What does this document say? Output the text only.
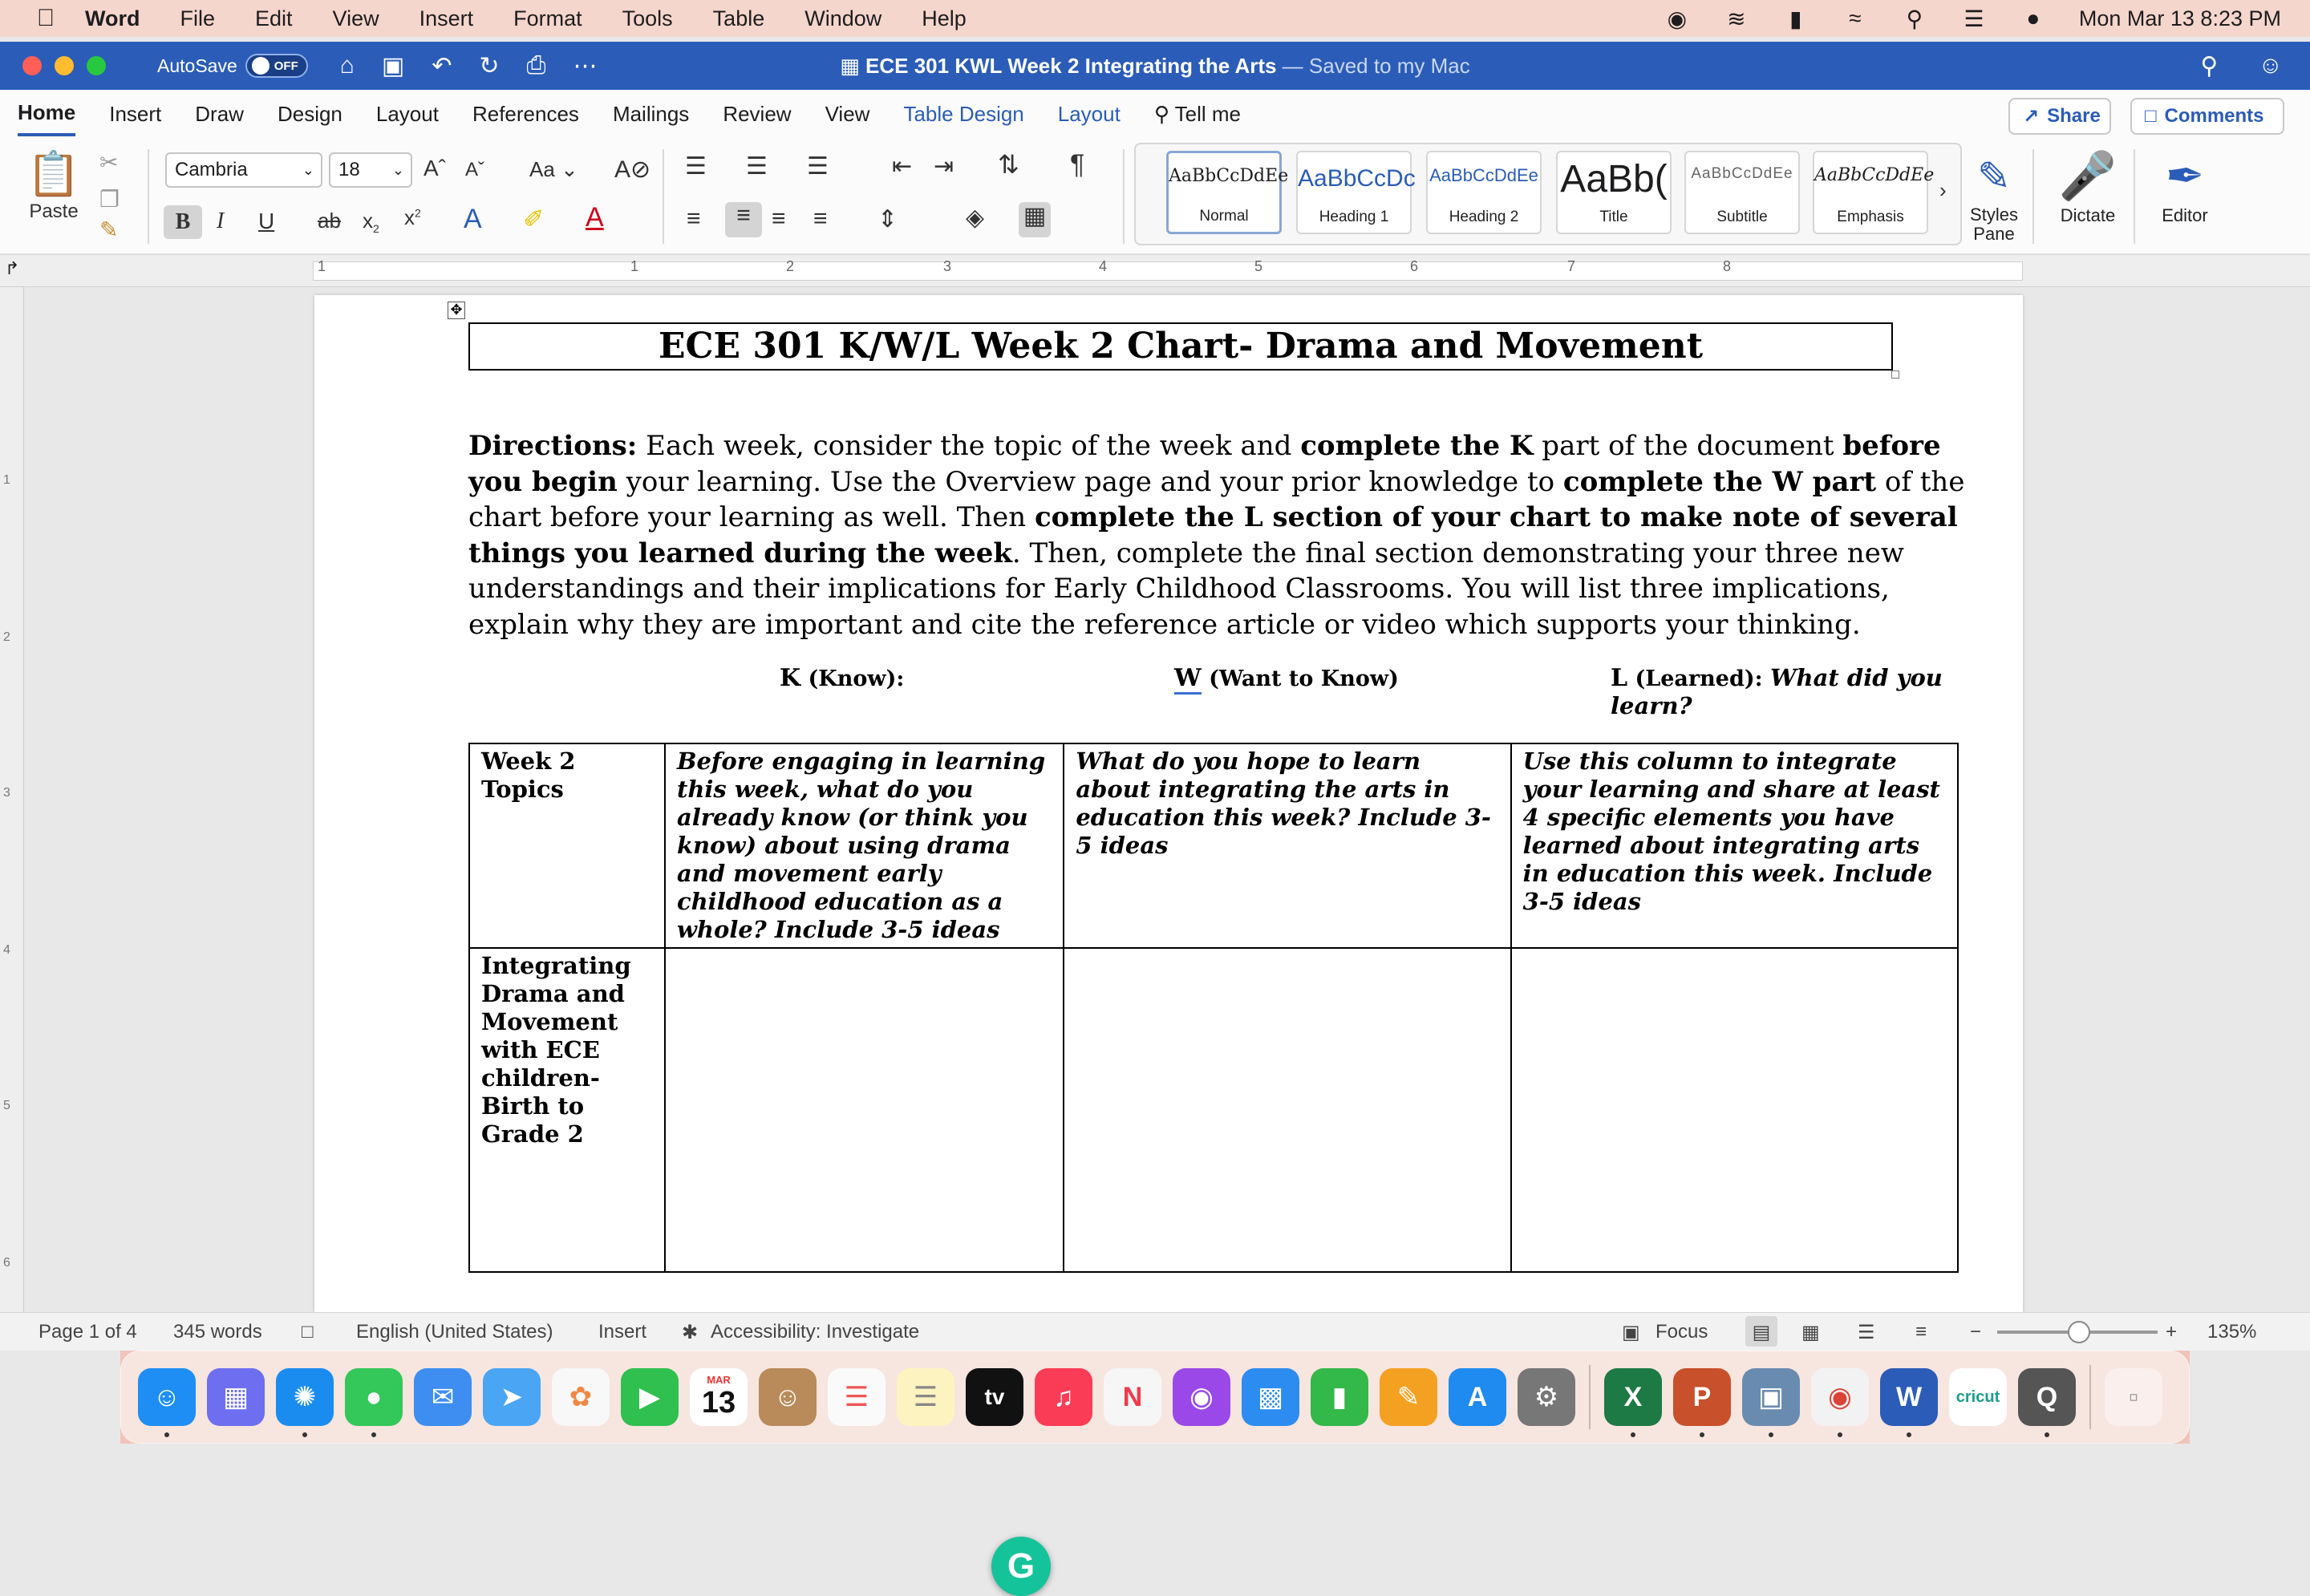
Word File Edit View Insert Format Tools Table Window Help	◉ ≋	▮	≈	⚲ ☰	●	Mon Mar 13 8:23 PM
AutoSave	OFF ⌂ ▣ ↶ ↻ ⎙ ⋯	▦ ECE 301 KWL Week 2 Integrating the Arts — Saved to my Mac	⚲ ☺
Home Insert Draw Design Layout References Mailings Review View Table Design Layout ⚲ Tell me	↗ Share □ Comments
📋
Paste
✂
❐
✎
Cambria	⌄ 18 ⌄ Aˆ Aˇ Aa ⌄ A⊘
B	I U ab $x_2$ $x^2$ A ✐ A
☰ ☰ ☰	⇤ ⇥ ⇅ ¶
≡	≡ ≡ ≡ ⇕	◈ ▦
AaBbCcDdEe
Normal
AaBbCcDc
Heading 1
AaBbCcDdEe
Heading 2
AaBb(
Title
AaBbCcDdEe
Subtitle
AaBbCcDdEe
Emphasis
› ✎
Styles Pane
🎤
Dictate
✒
Editor
↱	1	1	2	3	4	5	6	7	8
1
2
3
4
5
6
✥
ECE 301 K/W/L Week 2 Chart- Drama and Movement

Directions: Each week, consider the topic of the week and complete the K part of the document before you begin your learning. Use the Overview page and your prior knowledge to complete the W part of the chart before your learning as well. Then complete the L section of your chart to make note of several things you learned during the week. Then, complete the final section demonstrating your three new understandings and their implications for Early Childhood Classrooms. You will list three implications, explain why they are important and cite the reference article or video which supports your thinking.

K (Know):	W (Want to Know)	L (Learned): What did you learn?
Week 2 Topics	Before engaging in learning this week, what do you already know (or think you know) about using drama and movement early childhood education as a whole? Include 3-5 ideas	What do you hope to learn about integrating the arts in education this week? Include 3-5 ideas	Use this column to integrate your learning and share at least 4 specific elements you have learned about integrating arts in education this week. Include 3-5 ideas
Integrating Drama and Movement with ECE children- Birth to Grade 2			
G
Page 1 of 4 345 words □ English (United States) Insert ✱ Accessibility: Investigate	▣ Focus	▤	▦ ☰ ≡ −	+ 135%
☺	▦	✺	●	✉	➤	✿	▶
MAR
13	☺	☰	☰	tv	♫	N	◉	▩	▮	✎	A	⚙	X	P	▣	◉	W	cricut	Q	▫
